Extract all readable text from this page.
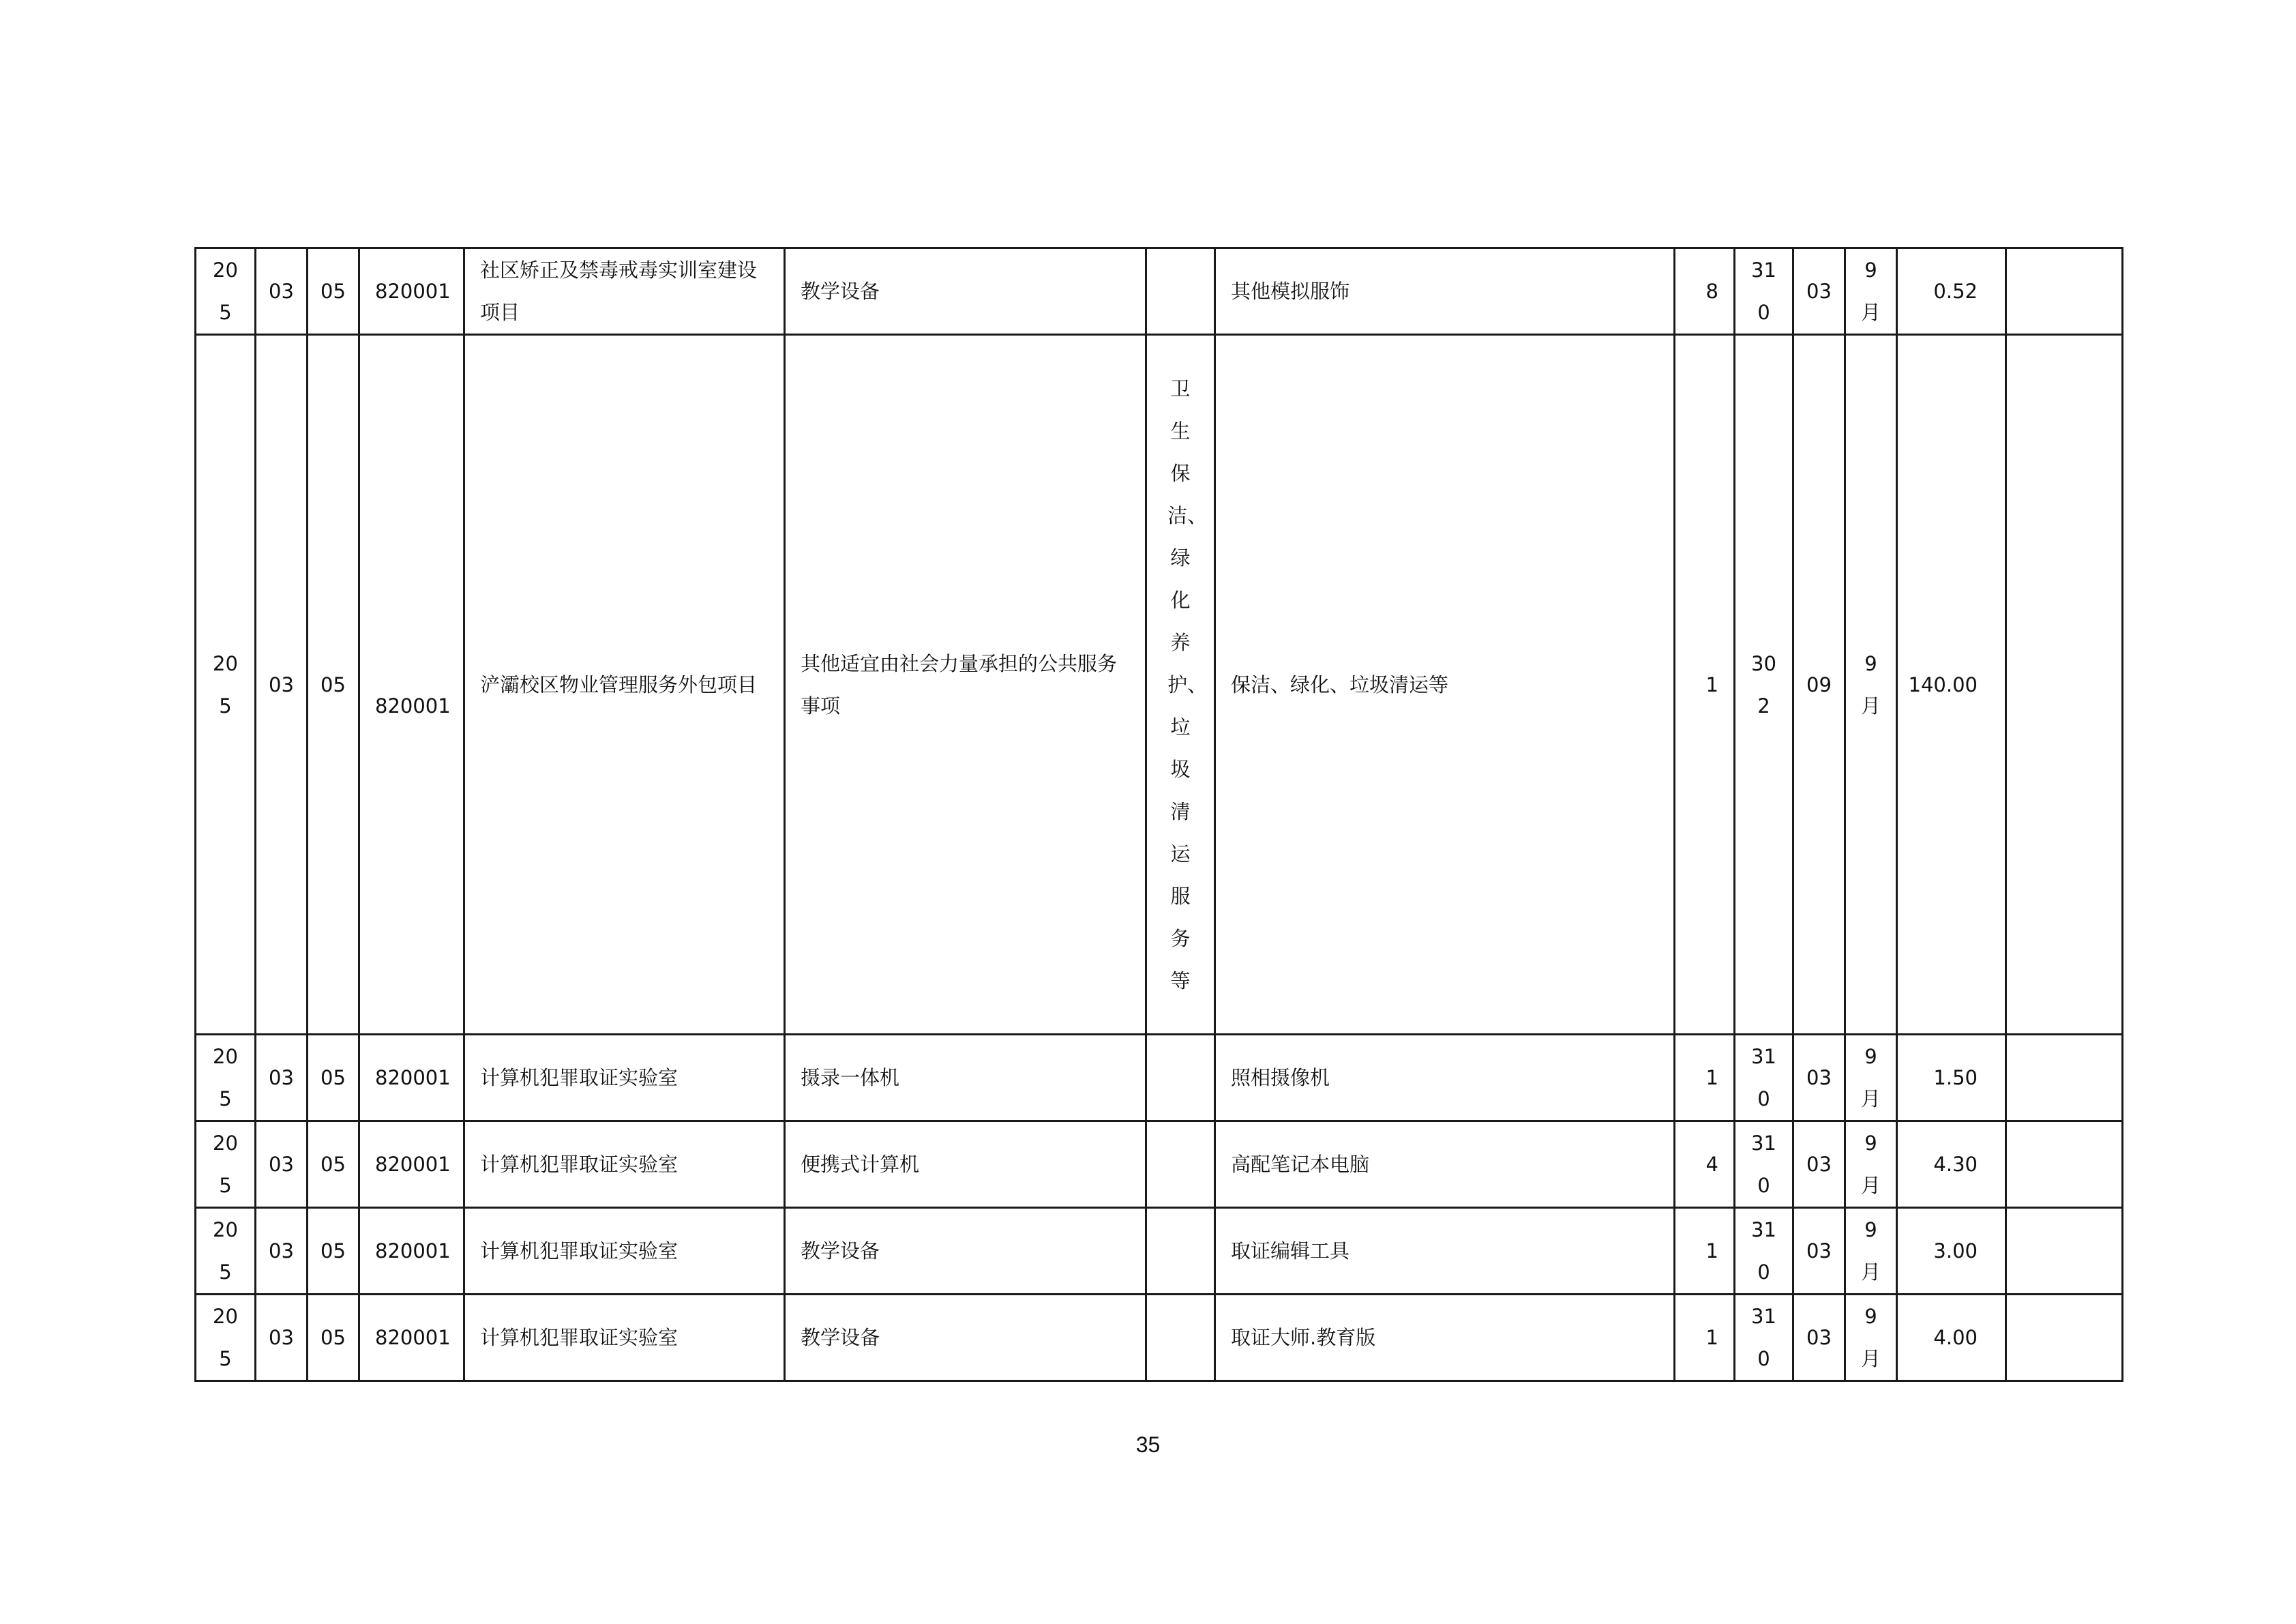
205	03	05	820001	社区矫正及禁毒戒毒实训室建设项目	教学设备		其他模拟服饰	8	310	03	9月	0.52	

205	03	05	820001	浐灞校区物业管理服务外包项目	其他适宜由社会力量承担的公共服务事项	卫生保洁、绿化养护、垃圾清运服务等	保洁、绿化、垃圾清运等	1	302	09	9月	140.00	

205	03	05	820001	计算机犯罪取证实验室	摄录一体机		照相摄像机	1	310	03	9月	1.50	

205	03	05	820001	计算机犯罪取证实验室	便携式计算机		高配笔记本电脑	4	310	03	9月	4.30	

205	03	05	820001	计算机犯罪取证实验室	教学设备		取证编辑工具	1	310	03	9月	3.00	

205	03	05	820001	计算机犯罪取证实验室	教学设备		取证大师.教育版	1	310	03	9月	4.00	
35
